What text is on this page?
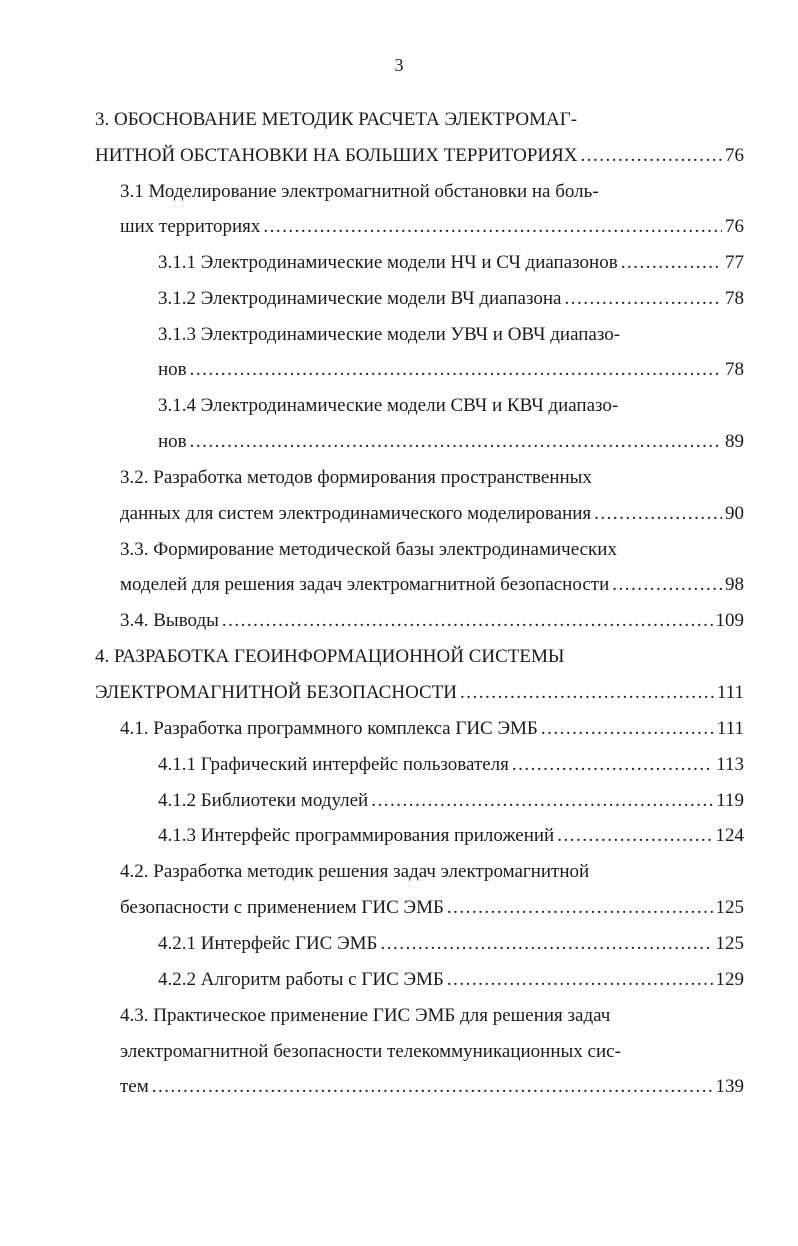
3
3. ОБОСНОВАНИЕ МЕТОДИК РАСЧЕТА ЭЛЕКТРОМАГ-
НИТНОЙ ОБСТАНОВКИ НА БОЛЬШИХ ТЕРРИТОРИЯХ .....	76
3.1 Моделирование электромагнитной обстановки на боль-
ших территориях .....	76
3.1.1 Электродинамические модели НЧ и СЧ диапазонов .....	77
3.1.2 Электродинамические модели ВЧ диапазона .....	78
3.1.3 Электродинамические модели УВЧ и ОВЧ диапазо-
нов .....	78
3.1.4 Электродинамические модели СВЧ и КВЧ диапазо-
нов .....	89
3.2. Разработка методов формирования пространственных
данных для систем электродинамического моделирования .....	90
3.3. Формирование методической базы электродинамических
моделей для решения задач электромагнитной безопасности .....	98
3.4. Выводы .....	109
4. РАЗРАБОТКА ГЕОИНФОРМАЦИОННОЙ СИСТЕМЫ
ЭЛЕКТРОМАГНИТНОЙ БЕЗОПАСНОСТИ .....	111
4.1. Разработка программного комплекса ГИС ЭМБ .....	111
4.1.1 Графический интерфейс пользователя .....	113
4.1.2 Библиотеки модулей .....	119
4.1.3 Интерфейс программирования приложений .....	124
4.2. Разработка методик решения задач электромагнитной
безопасности с применением ГИС ЭМБ .....	125
4.2.1 Интерфейс ГИС ЭМБ .....	125
4.2.2 Алгоритм работы с ГИС ЭМБ .....	129
4.3. Практическое применение ГИС ЭМБ для решения задач
электромагнитной безопасности телекоммуникационных сис-
тем .....	139
